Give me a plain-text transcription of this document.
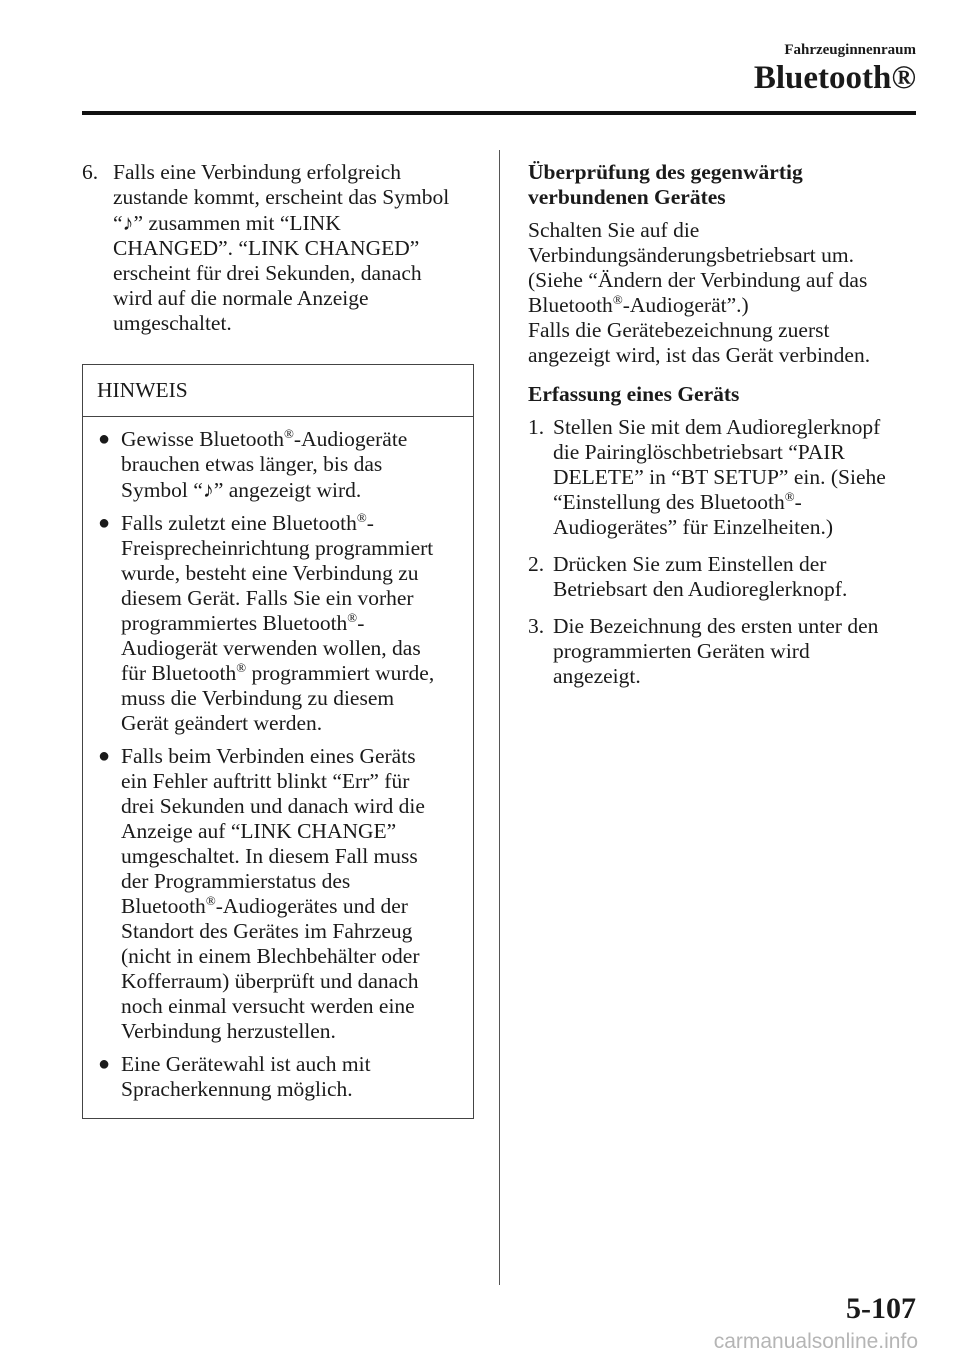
Fahrzeuginnenraum
Bluetooth®
6. Falls eine Verbindung erfolgreich
zustande kommt, erscheint das Symbol
“♪” zusammen mit “LINK
CHANGED”. “LINK CHANGED”
erscheint für drei Sekunden, danach
wird auf die normale Anzeige
umgeschaltet.
HINWEIS
● Gewisse Bluetooth®-Audiogeräte
brauchen etwas länger, bis das
Symbol “♪” angezeigt wird.
● Falls zuletzt eine Bluetooth®-
Freisprecheinrichtung programmiert
wurde, besteht eine Verbindung zu
diesem Gerät. Falls Sie ein vorher
programmiertes Bluetooth®-
Audiogerät verwenden wollen, das
für Bluetooth® programmiert wurde,
muss die Verbindung zu diesem
Gerät geändert werden.
● Falls beim Verbinden eines Geräts
ein Fehler auftritt blinkt “Err” für
drei Sekunden und danach wird die
Anzeige auf “LINK CHANGE”
umgeschaltet. In diesem Fall muss
der Programmierstatus des
Bluetooth®-Audiogerätes und der
Standort des Gerätes im Fahrzeug
(nicht in einem Blechbehälter oder
Kofferraum) überprüft und danach
noch einmal versucht werden eine
Verbindung herzustellen.
● Eine Gerätewahl ist auch mit
Spracherkennung möglich.
Überprüfung des gegenwärtig
verbundenen Gerätes
Schalten Sie auf die
Verbindungsänderungsbetriebsart um.
(Siehe “Ändern der Verbindung auf das
Bluetooth®-Audiogerät”.)
Falls die Gerätebezeichnung zuerst
angezeigt wird, ist das Gerät verbinden.
Erfassung eines Geräts
1. Stellen Sie mit dem Audioreglerknopf
die Pairinglöschbetriebsart “PAIR
DELETE” in “BT SETUP” ein. (Siehe
“Einstellung des Bluetooth®-
Audiogerätes” für Einzelheiten.)
2. Drücken Sie zum Einstellen der
Betriebsart den Audioreglerknopf.
3. Die Bezeichnung des ersten unter den
programmierten Geräten wird
angezeigt.
5-107
carmanualsonline.info
